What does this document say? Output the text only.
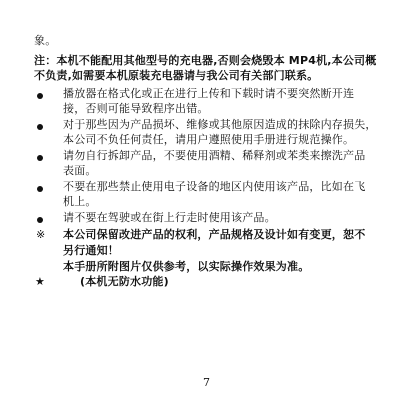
象。
注：本机不能配用其他型号的充电器,否则会烧毁本 MP4机,本公司概
不负责,如需要本机原装充电器请与我公司有关部门联系。
播放器在格式化或正在进行上传和下载时请不要突然断开连
接，否则可能导致程序出错。
对于那些因为产品损坏、维修或其他原因造成的抹除内存损失，
本公司不负任何责任，请用户遵照使用手册进行规范操作。
请勿自行拆卸产品，不要使用酒精、稀释剂或苯类来擦洗产品
表面。
不要在那些禁止使用电子设备的地区内使用该产品，比如在飞
机上。
请不要在驾驶或在街上行走时使用该产品。
※ 本公司保留改进产品的权利，产品规格及设计如有变更，恕不
另行通知！
本手册所附图片仅供参考，以实际操作效果为准。
★	(本机无防水功能)
7
